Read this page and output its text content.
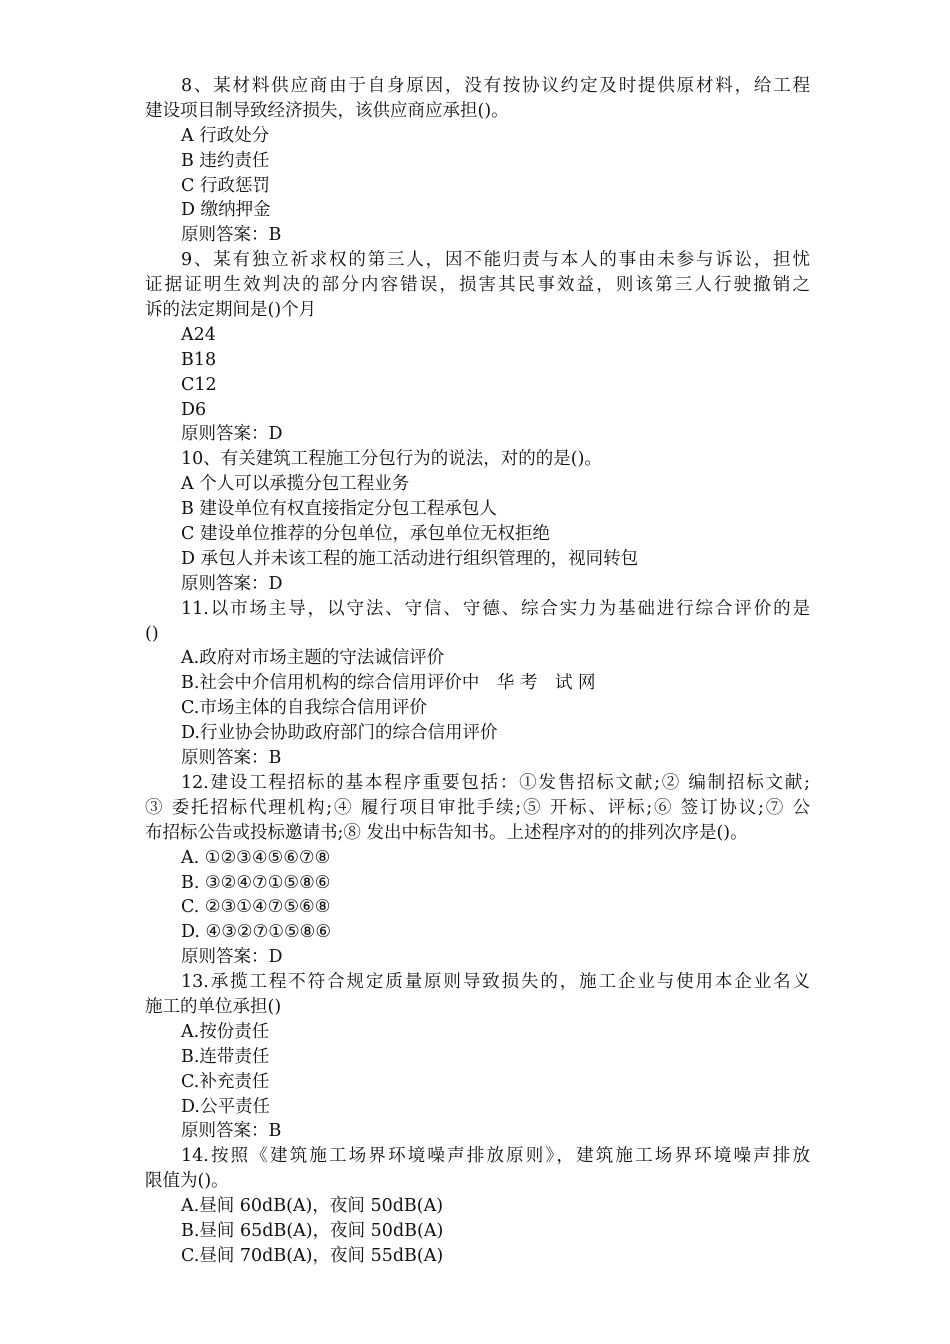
8、某材料供应商由于自身原因，没有按协议约定及时提供原材料，给工程
建设项目制导致经济损失，该供应商应承担()。
A 行政处分
B 违约责任
C 行政惩罚
D 缴纳押金
原则答案：B
9、某有独立祈求权的第三人，因不能归责与本人的事由未参与诉讼，担忧
证据证明生效判决的部分内容错误，损害其民事效益，则该第三人行驶撤销之
诉的法定期间是()个月
A24
B18
C12
D6
原则答案：D
10、有关建筑工程施工分包行为的说法，对的的是()。
A 个人可以承揽分包工程业务
B 建设单位有权直接指定分包工程承包人
C 建设单位推荐的分包单位，承包单位无权拒绝
D 承包人并未该工程的施工活动进行组织管理的，视同转包
原则答案：D
11.以市场主导，以守法、守信、守德、综合实力为基础进行综合评价的是
()
A.政府对市场主题的守法诚信评价
B.社会中介信用机构的综合信用评价中　华 考　试 网
C.市场主体的自我综合信用评价
D.行业协会协助政府部门的综合信用评价
原则答案：B
12.建设工程招标的基本程序重要包括：①发售招标文献;② 编制招标文献;
③ 委托招标代理机构;④ 履行项目审批手续;⑤ 开标、评标;⑥ 签订协议;⑦ 公
布招标公告或投标邀请书;⑧ 发出中标告知书。上述程序对的的排列次序是()。
A. ①②③④⑤⑥⑦⑧
B. ③②④⑦①⑤⑧⑥
C. ②③①④⑦⑤⑥⑧
D. ④③②⑦①⑤⑧⑥
原则答案：D
13.承揽工程不符合规定质量原则导致损失的，施工企业与使用本企业名义
施工的单位承担()
A.按份责任
B.连带责任
C.补充责任
D.公平责任
原则答案：B
14.按照《建筑施工场界环境噪声排放原则》，建筑施工场界环境噪声排放
限值为()。
A.昼间 60dB(A)，夜间 50dB(A)
B.昼间 65dB(A)，夜间 50dB(A)
C.昼间 70dB(A)，夜间 55dB(A)
